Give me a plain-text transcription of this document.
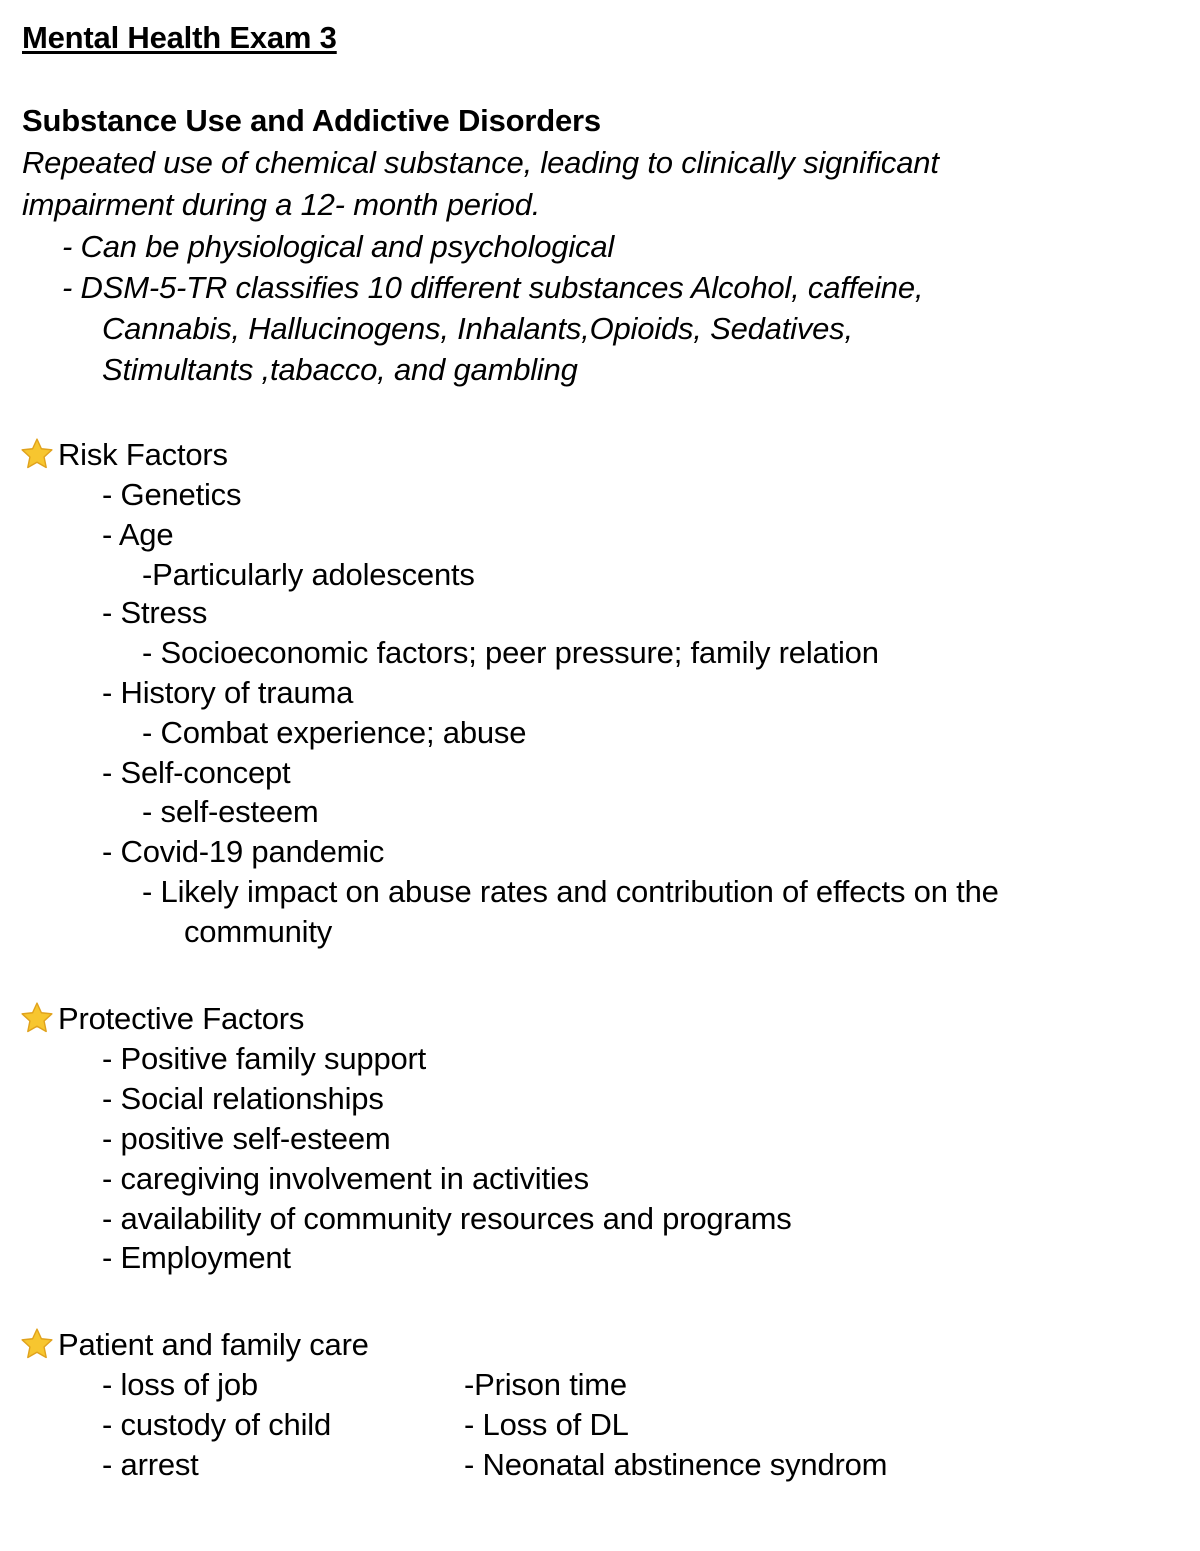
Mental Health Exam 3
Substance Use and Addictive Disorders
Repeated use of chemical substance, leading to clinically significant
impairment during a 12- month period.
- Can be physiological and psychological
- DSM-5-TR classifies 10 different substances Alcohol, caffeine,
Cannabis, Hallucinogens, Inhalants,Opioids, Sedatives,
Stimultants ,tabacco, and gambling
Risk Factors
- Genetics
- Age
-Particularly adolescents
- Stress
- Socioeconomic factors; peer pressure; family relation
- History of trauma
- Combat experience; abuse
- Self-concept
- self-esteem
- Covid-19 pandemic
- Likely impact on abuse rates and contribution of effects on the
community
Protective Factors
- Positive family support
- Social relationships
- positive self-esteem
- caregiving involvement in activities
- availability of community resources and programs
- Employment
Patient and family care
- loss of job
- custody of child
- arrest
-Prison time
- Loss of DL
- Neonatal abstinence syndrom
